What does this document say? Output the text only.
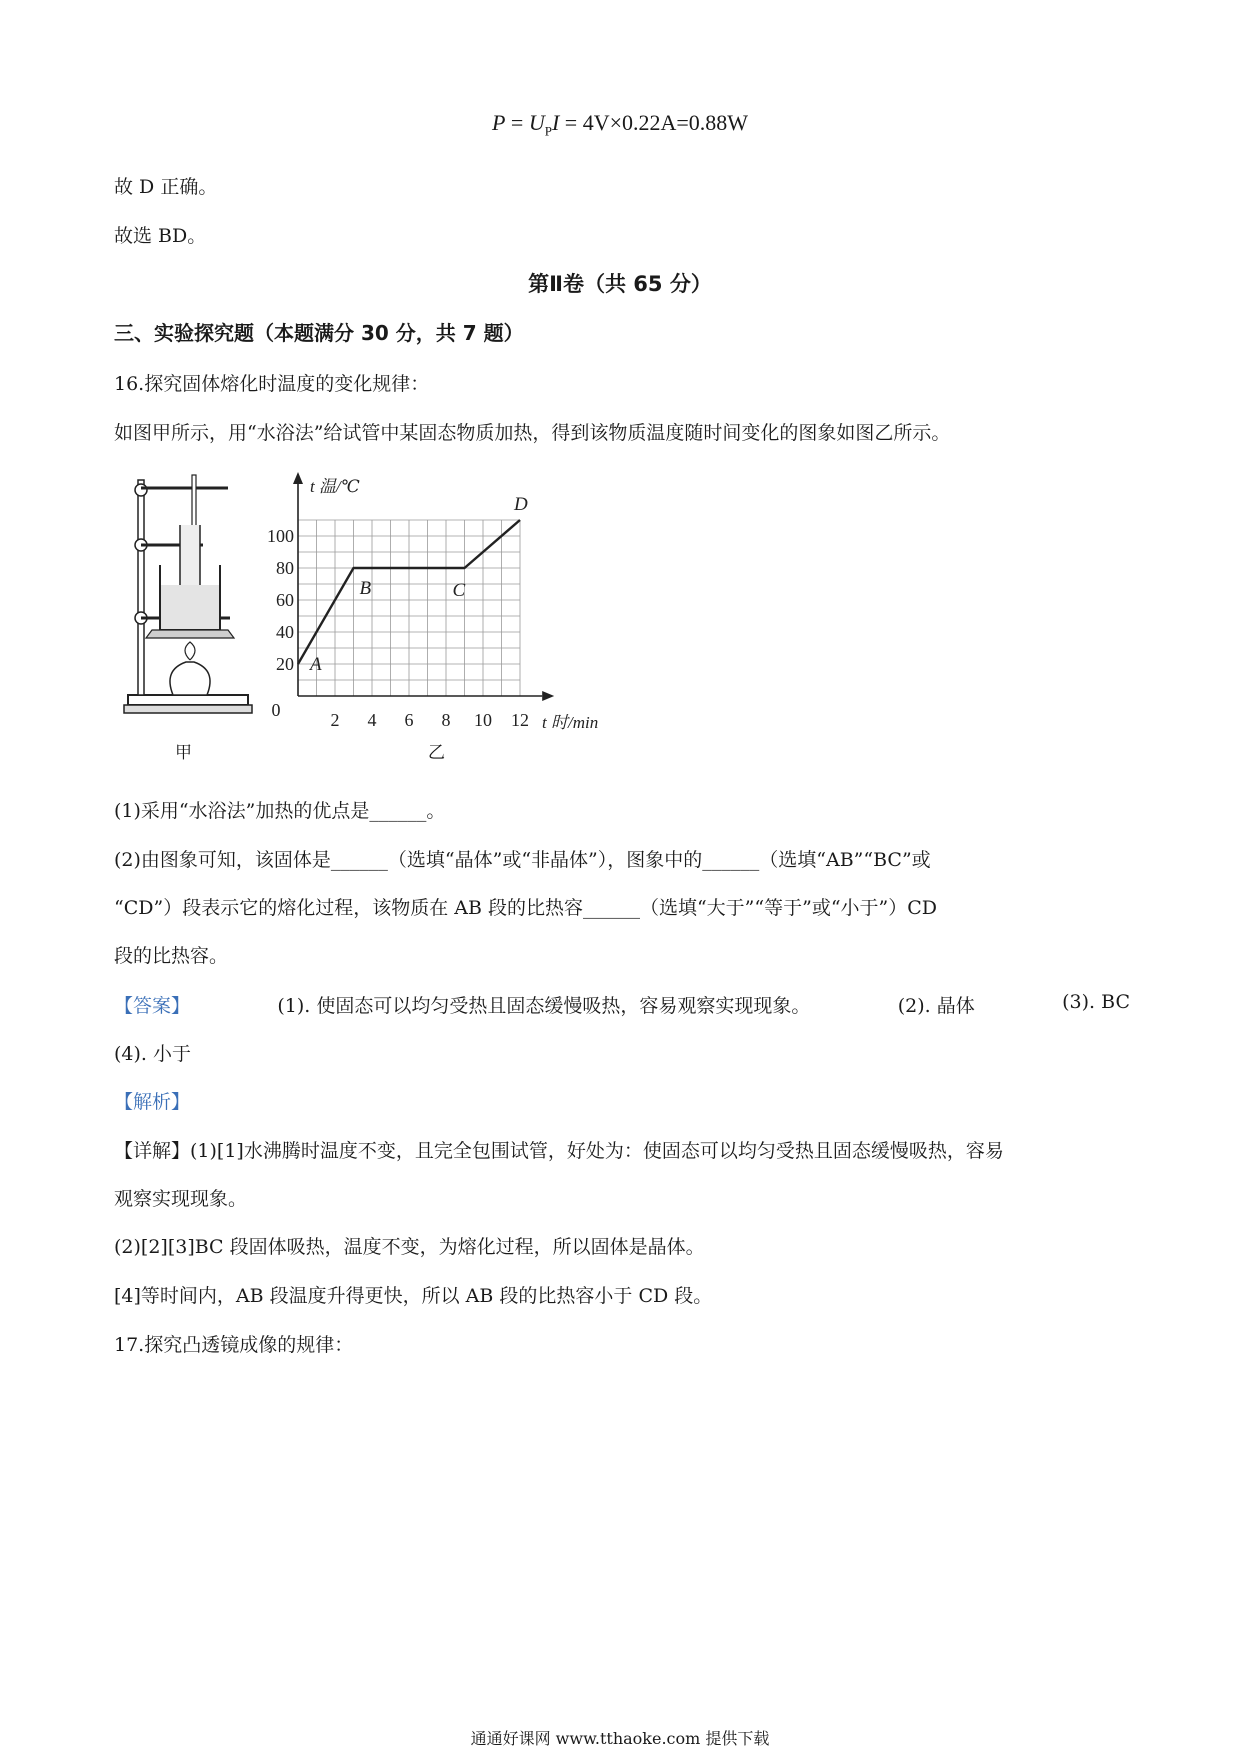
$P = U_PI = 4V\times 0.22A=0.88W$
故 D 正确。
故选 BD。
第Ⅱ卷（共 65 分）
三、实验探究题（本题满分 30 分，共 7 题）
16.探究固体熔化时温度的变化规律：
如图甲所示，用“水浴法”给试管中某固态物质加热，得到该物质温度随时间变化的图象如图乙所示。
甲
0	2 4 6 8 10 12
20
40
60
80
100
t 温/℃
t 时/min
A
B	C
D
乙
(1)采用“水浴法”加热的优点是______。
(2)由图象可知，该固体是______（选填“晶体”或“非晶体”），图象中的______（选填“AB”“BC”或
“CD”）段表示它的熔化过程，该物质在 AB 段的比热容______（选填“大于”“等于”或“小于”）CD
段的比热容。
【答案】	(1). 使固态可以均匀受热且固态缓慢吸热，容易观察实现现象。	(2). 晶体	(3). BC
(4). 小于
【解析】
【详解】(1)[1]水沸腾时温度不变，且完全包围试管，好处为：使固态可以均匀受热且固态缓慢吸热，容易
观察实现现象。
(2)[2][3]BC 段固体吸热，温度不变，为熔化过程，所以固体是晶体。
[4]等时间内，AB 段温度升得更快，所以 AB 段的比热容小于 CD 段。
17.探究凸透镜成像的规律：
通通好课网 www.tthaoke.com 提供下载
